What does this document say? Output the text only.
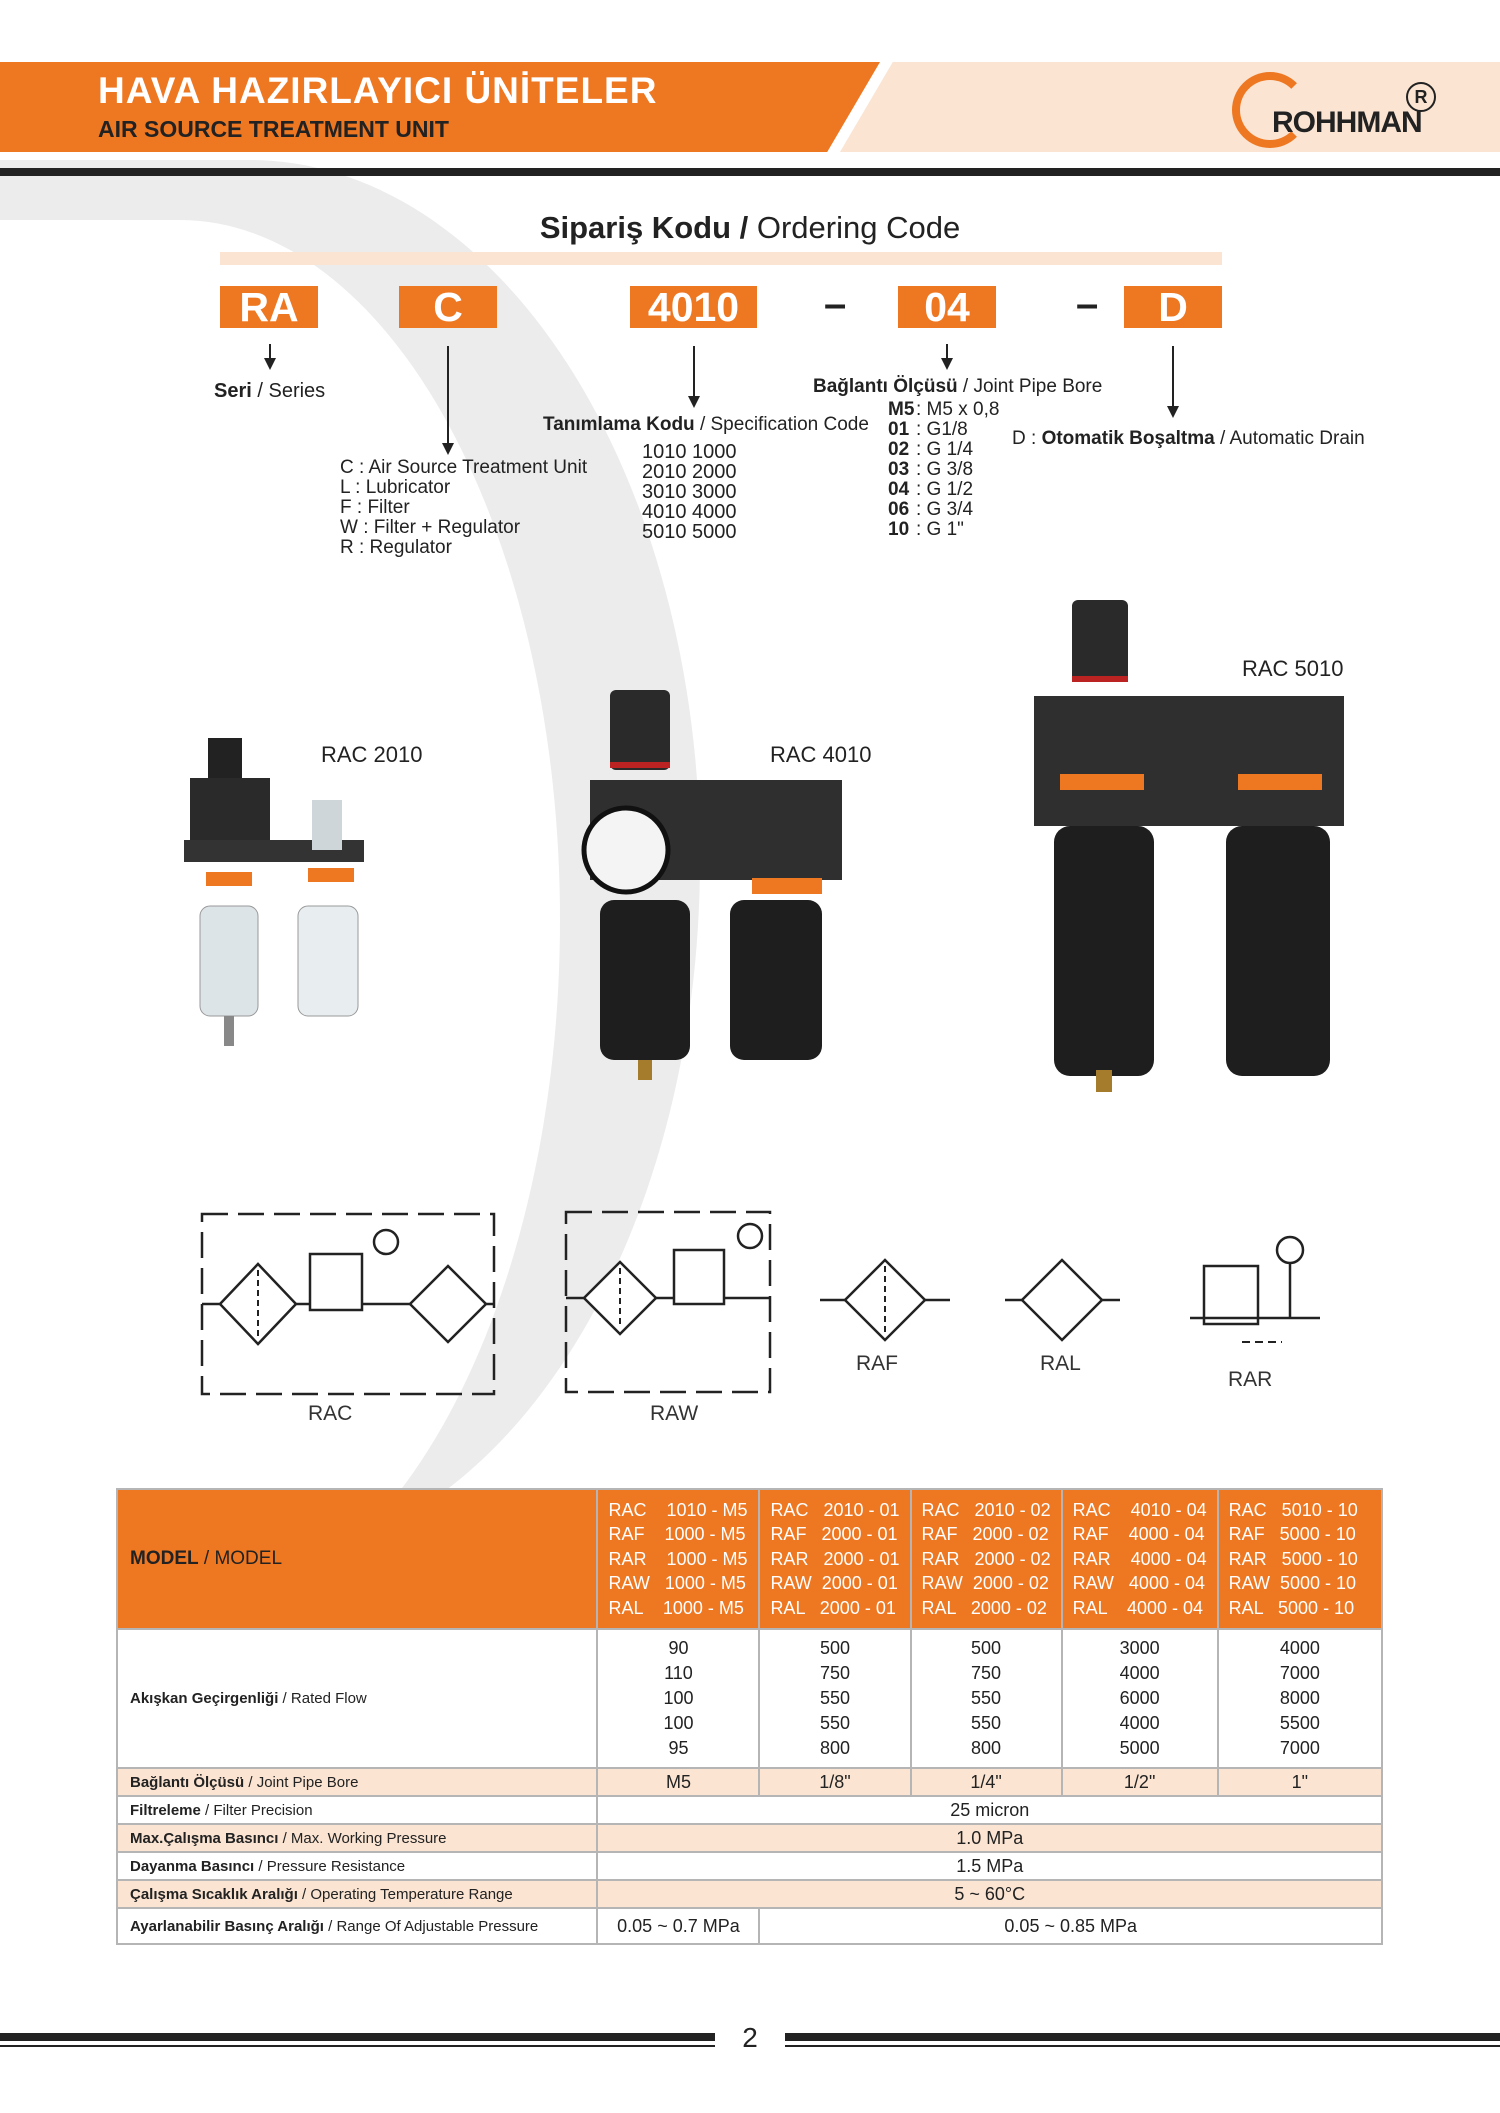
HAVA HAZIRLAYICI ÜNİTELER
AIR SOURCE TREATMENT UNIT	ROHHMAN
R
Sipariş Kodu / Ordering Code
RA	C	4010	–	04	–	D
Seri / Series
C : Air Source Treatment Unit
L : Lubricator
F : Filter
W : Filter + Regulator
R : Regulator
Tanımlama Kodu / Specification Code
1010 1000
2010 2000
3010 3000
4010 4000
5010 5000
Bağlantı Ölçüsü / Joint Pipe Bore
M5: M5 x 0,8
01 : G1/8
02 : G 1/4
03 : G 3/8
04 : G 1/2
06 : G 3/4
10 : G 1"
D : Otomatik Boşaltma / Automatic Drain
RAC 2010	RAC 4010
RAC 5010
RAC	RAW
RAF	RAL
RAR
MODEL / MODEL	RAC    1010 - M5
RAF    1000 - M5
RAR    1000 - M5
RAW   1000 - M5
RAL    1000 - M5	RAC   2010 - 01
RAF   2000 - 01
RAR   2000 - 01
RAW  2000 - 01
RAL   2000 - 01	RAC   2010 - 02
RAF   2000 - 02
RAR   2000 - 02
RAW  2000 - 02
RAL   2000 - 02	RAC    4010 - 04
RAF    4000 - 04
RAR    4000 - 04
RAW   4000 - 04
RAL    4000 - 04	RAC   5010 - 10
RAF   5000 - 10
RAR   5000 - 10
RAW  5000 - 10
RAL   5000 - 10
Akışkan Geçirgenliği / Rated Flow	90
110
100
100
95	500
750
550
550
800	500
750
550
550
800	3000
4000
6000
4000
5000	4000
7000
8000
5500
7000
Bağlantı Ölçüsü / Joint Pipe Bore	M5	1/8"	1/4"	1/2"	1"
Filtreleme / Filter Precision	25 micron				
Max.Çalışma Basıncı / Max. Working Pressure	1.0 MPa				
Dayanma Basıncı / Pressure Resistance	1.5 MPa				
Çalışma Sıcaklık Aralığı / Operating Temperature Range	5 ~ 60°C				
Ayarlanabilir Basınç Aralığı / Range Of Adjustable Pressure	0.05 ~ 0.7 MPa	0.05 ~ 0.85 MPa			
2
